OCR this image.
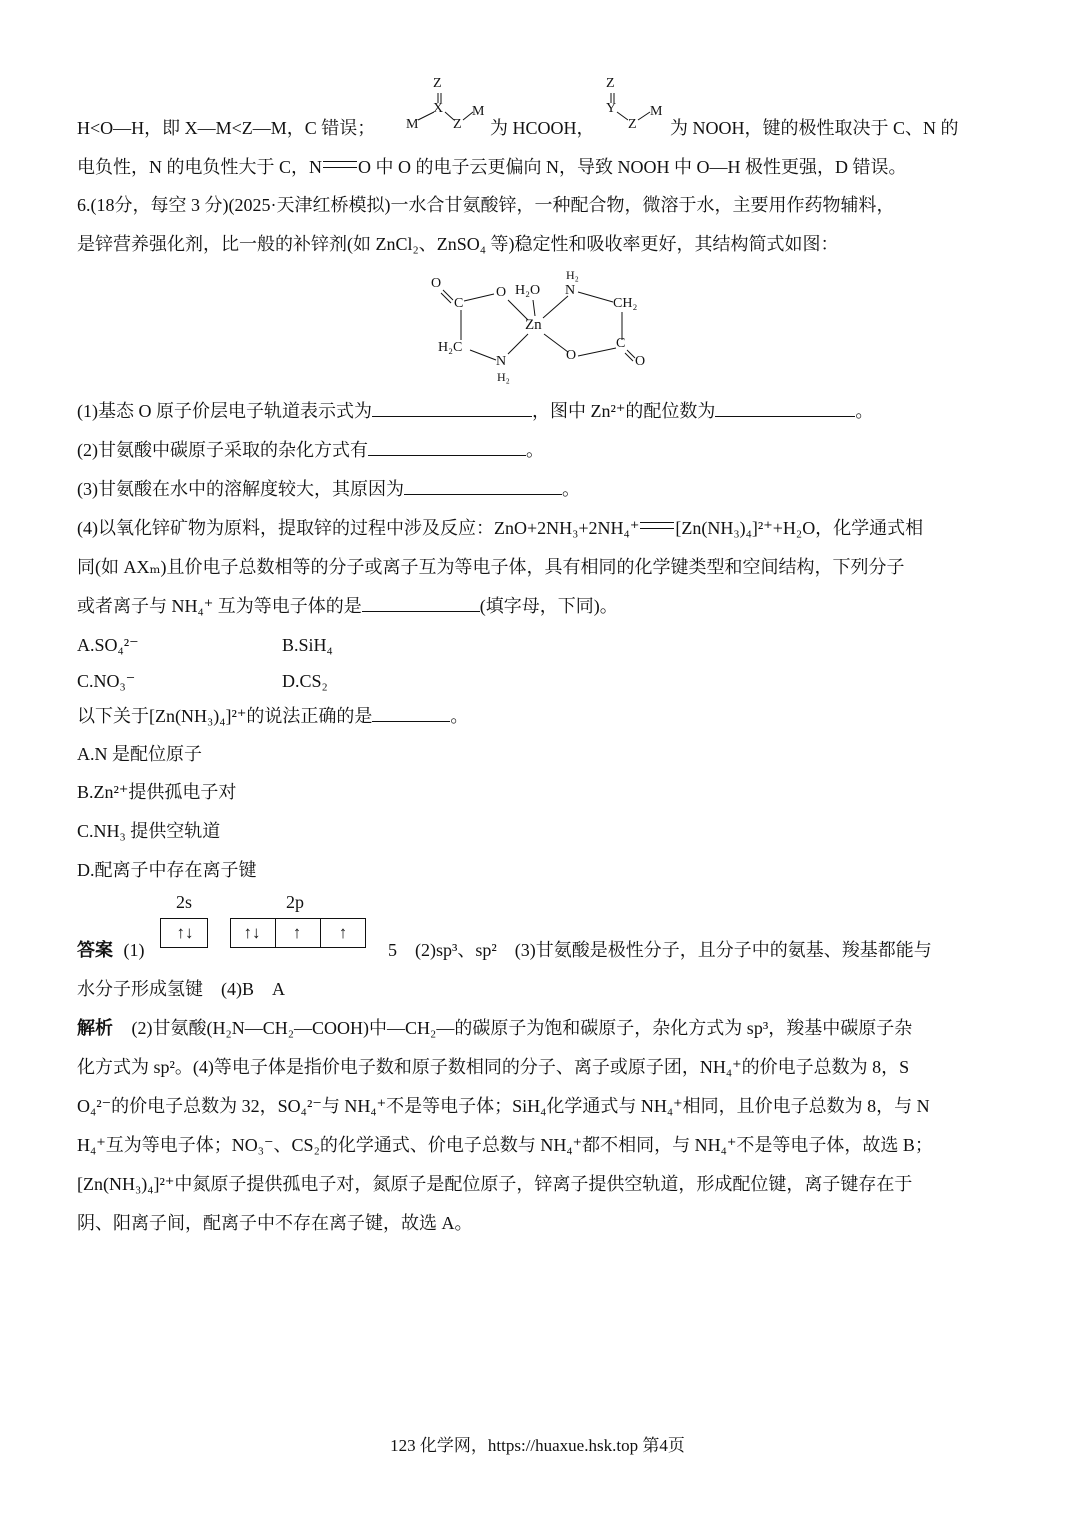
H<O—H，即 X—M<Z—M，C 错误；
Z
X
M Z
M
为 HCOOH，
Z
Y
Z
M
为 NOOH，键的极性取决于 C、N 的
电负性，N 的电负性大于 C，N O 中 O 的电子云更偏向 N，导致 NOOH 中 O—H 极性更强，D 错误。
6.(18分，每空 3 分)(2025·天津红桥模拟)一水合甘氨酸锌，一种配合物，微溶于水，主要用作药物辅料，
是锌营养强化剂，比一般的补锌剂(如 ZnCl₂、ZnSO₄ 等)稳定性和吸收率更好，其结构简式如图：
O
C
O H₂O
H₂
N
CH₂
Zn
H₂C
N
H₂
O
C
O
(1)基态 O 原子价层电子轨道表示式为	，图中 Zn²⁺的配位数为	。
(2)甘氨酸中碳原子采取的杂化方式有	。
(3)甘氨酸在水中的溶解度较大，其原因为	。
(4)以氧化锌矿物为原料，提取锌的过程中涉及反应：ZnO+2NH₃+2NH₄⁺ [Zn(NH₃)₄]²⁺+H₂O，化学通式相
同(如 AXₘ)且价电子总数相等的分子或离子互为等电子体，具有相同的化学键类型和空间结构，下列分子
或者离子与 NH₄⁺ 互为等电子体的是	(填字母，下同)。
A.SO₄²⁻	B.SiH₄
C.NO₃⁻	D.CS₂
以下关于[Zn(NH₃)₄]²⁺的说法正确的是	。
A.N 是配位原子
B.Zn²⁺提供孤电子对
C.NH₃ 提供空轨道
D.配离子中存在离子键
答案 (1)
2s	2p
↑↓	↑↓	↑	↑
5　(2)sp³、sp²　(3)甘氨酸是极性分子，且分子中的氨基、羧基都能与
水分子形成氢键　(4)B　A
解析 (2)甘氨酸(H₂N—CH₂—COOH)中—CH₂—的碳原子为饱和碳原子，杂化方式为 sp³，羧基中碳原子杂
化方式为 sp²。(4)等电子体是指价电子数和原子数相同的分子、离子或原子团，NH₄⁺的价电子总数为 8，S
O₄²⁻的价电子总数为 32，SO₄²⁻与 NH₄⁺不是等电子体；SiH₄化学通式与 NH₄⁺相同，且价电子总数为 8，与 N
H₄⁺互为等电子体；NO₃⁻、CS₂的化学通式、价电子总数与 NH₄⁺都不相同，与 NH₄⁺不是等电子体，故选 B；
[Zn(NH₃)₄]²⁺中氮原子提供孤电子对，氮原子是配位原子，锌离子提供空轨道，形成配位键，离子键存在于
阴、阳离子间，配离子中不存在离子键，故选 A。
123 化学网，https://huaxue.hsk.top 第4页
